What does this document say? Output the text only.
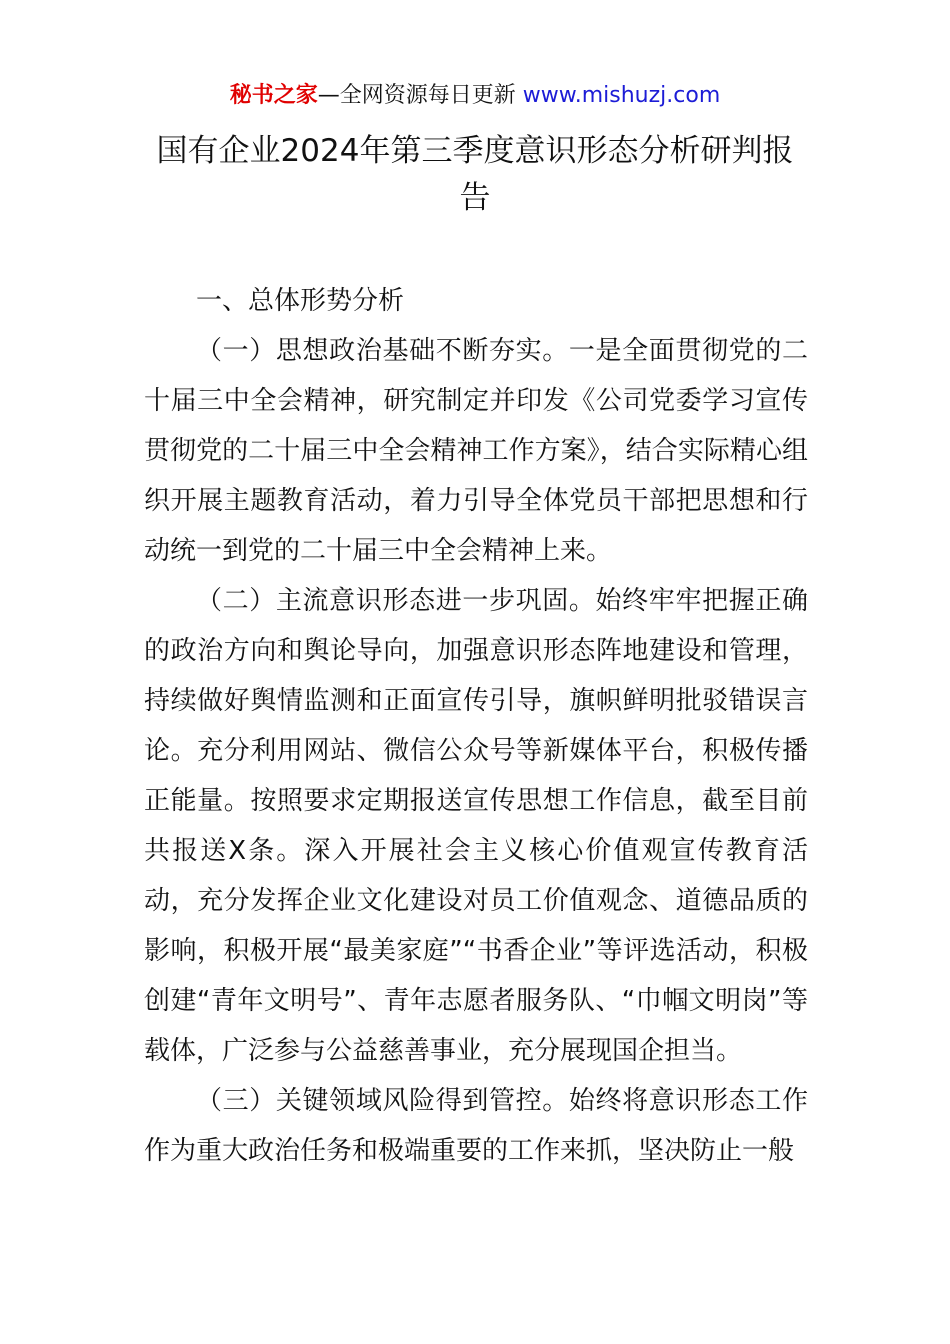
秘书之家—全网资源每日更新 www.mishuzj.com
国有企业2024年第三季度意识形态分析研判报告

一、总体形势分析

（一）思想政治基础不断夯实。一是全面贯彻党的二十届三中全会精神，研究制定并印发《公司党委学习宣传贯彻党的二十届三中全会精神工作方案》，结合实际精心组织开展主题教育活动，着力引导全体党员干部把思想和行动统一到党的二十届三中全会精神上来。

（二）主流意识形态进一步巩固。始终牢牢把握正确的政治方向和舆论导向，加强意识形态阵地建设和管理，持续做好舆情监测和正面宣传引导，旗帜鲜明批驳错误言论。充分利用网站、微信公众号等新媒体平台，积极传播正能量。按照要求定期报送宣传思想工作信息，截至目前共报送X条。深入开展社会主义核心价值观宣传教育活动，充分发挥企业文化建设对员工价值观念、道德品质的影响，积极开展“最美家庭”“书香企业”等评选活动，积极创建“青年文明号”、青年志愿者服务队、“巾帼文明岗”等载体，广泛参与公益慈善事业，充分展现国企担当。

（三）关键领域风险得到管控。始终将意识形态工作作为重大政治任务和极端重要的工作来抓，坚决防止一般
